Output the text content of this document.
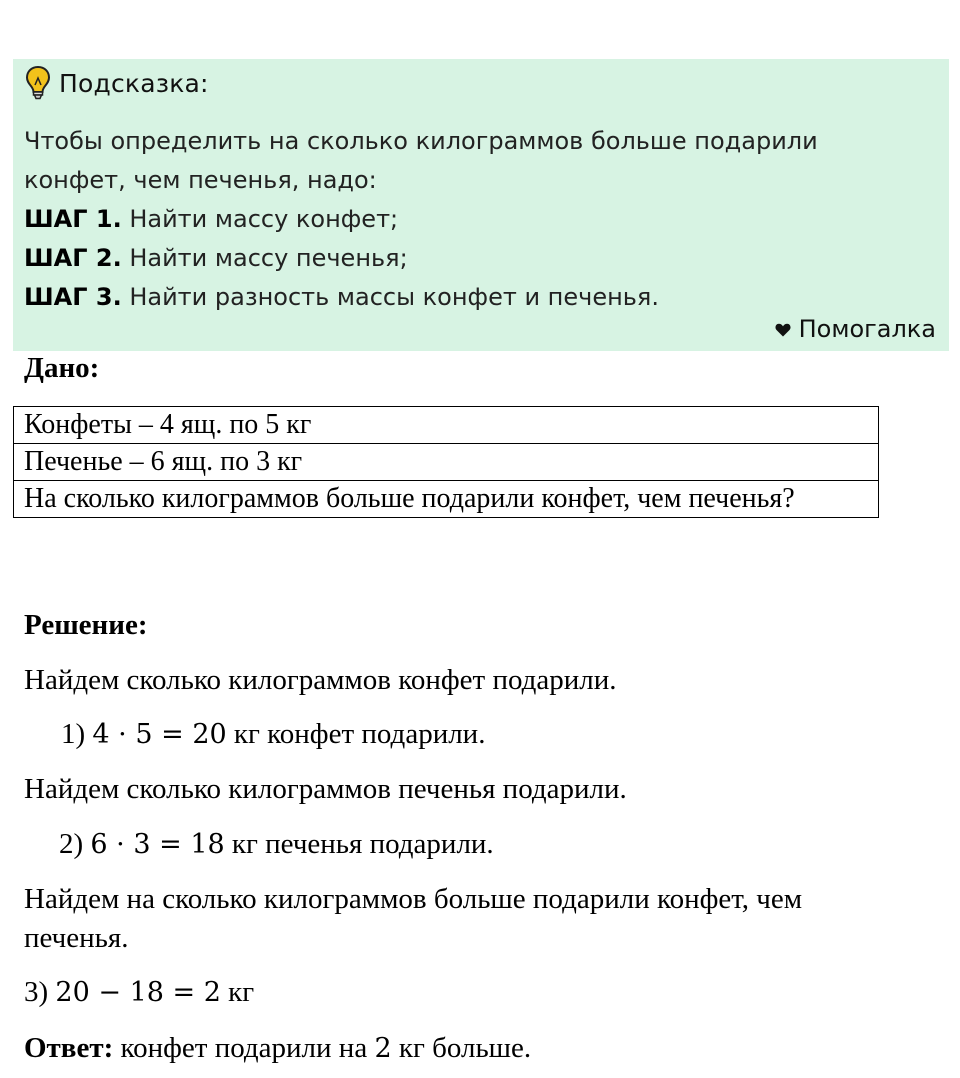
Подсказка:
Чтобы определить на сколько килограммов больше подарили
конфет, чем печенья, надо:
ШАГ 1. Найти массу конфет;
ШАГ 2. Найти массу печенья;
ШАГ 3. Найти разность массы конфет и печенья.
Помогалка
Дано:
Конфеты – 4 ящ. по 5 кг
Печенье – 6 ящ. по 3 кг
На сколько килограммов больше подарили конфет, чем печенья?
Решение:
Найдем сколько килограммов конфет подарили.
1) 4 · 5 = 20 кг конфет подарили.
Найдем сколько килограммов печенья подарили.
2) 6 · 3 = 18 кг печенья подарили.
Найдем на сколько килограммов больше подарили конфет, чем
печенья.
3) 20 − 18 = 2 кг
Ответ: конфет подарили на 2 кг больше.
